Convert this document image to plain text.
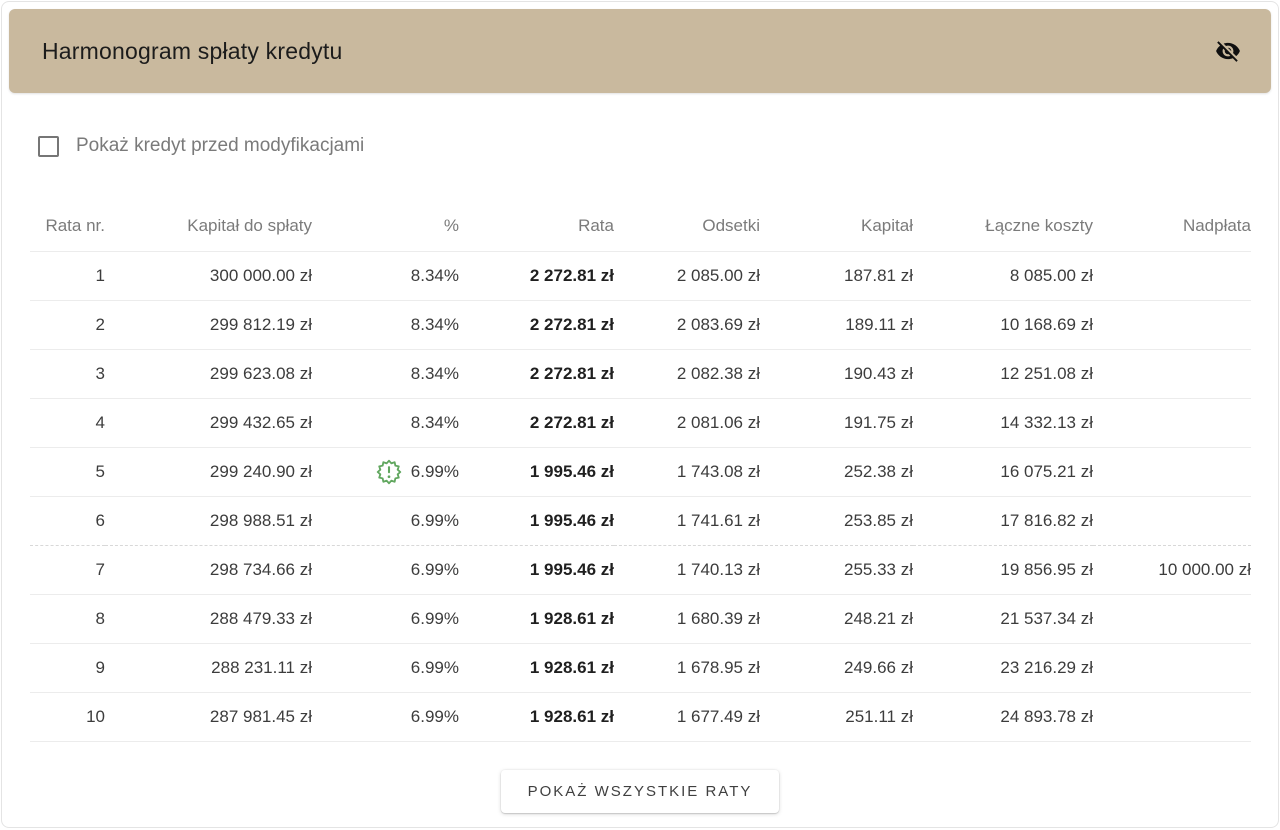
Harmonogram spłaty kredytu
Pokaż kredyt przed modyfikacjami
Rata nr.	Kapitał do spłaty	%	Rata	Odsetki	Kapitał	Łączne koszty	Nadpłata
1	300 000.00 zł	8.34%	2 272.81 zł	2 085.00 zł	187.81 zł	8 085.00 zł	
2	299 812.19 zł	8.34%	2 272.81 zł	2 083.69 zł	189.11 zł	10 168.69 zł	
3	299 623.08 zł	8.34%	2 272.81 zł	2 082.38 zł	190.43 zł	12 251.08 zł	
4	299 432.65 zł	8.34%	2 272.81 zł	2 081.06 zł	191.75 zł	14 332.13 zł	
5	299 240.90 zł	6.99%	1 995.46 zł	1 743.08 zł	252.38 zł	16 075.21 zł	
6	298 988.51 zł	6.99%	1 995.46 zł	1 741.61 zł	253.85 zł	17 816.82 zł	
7	298 734.66 zł	6.99%	1 995.46 zł	1 740.13 zł	255.33 zł	19 856.95 zł	10 000.00 zł
8	288 479.33 zł	6.99%	1 928.61 zł	1 680.39 zł	248.21 zł	21 537.34 zł	
9	288 231.11 zł	6.99%	1 928.61 zł	1 678.95 zł	249.66 zł	23 216.29 zł	
10	287 981.45 zł	6.99%	1 928.61 zł	1 677.49 zł	251.11 zł	24 893.78 zł	
POKAŻ WSZYSTKIE RATY
